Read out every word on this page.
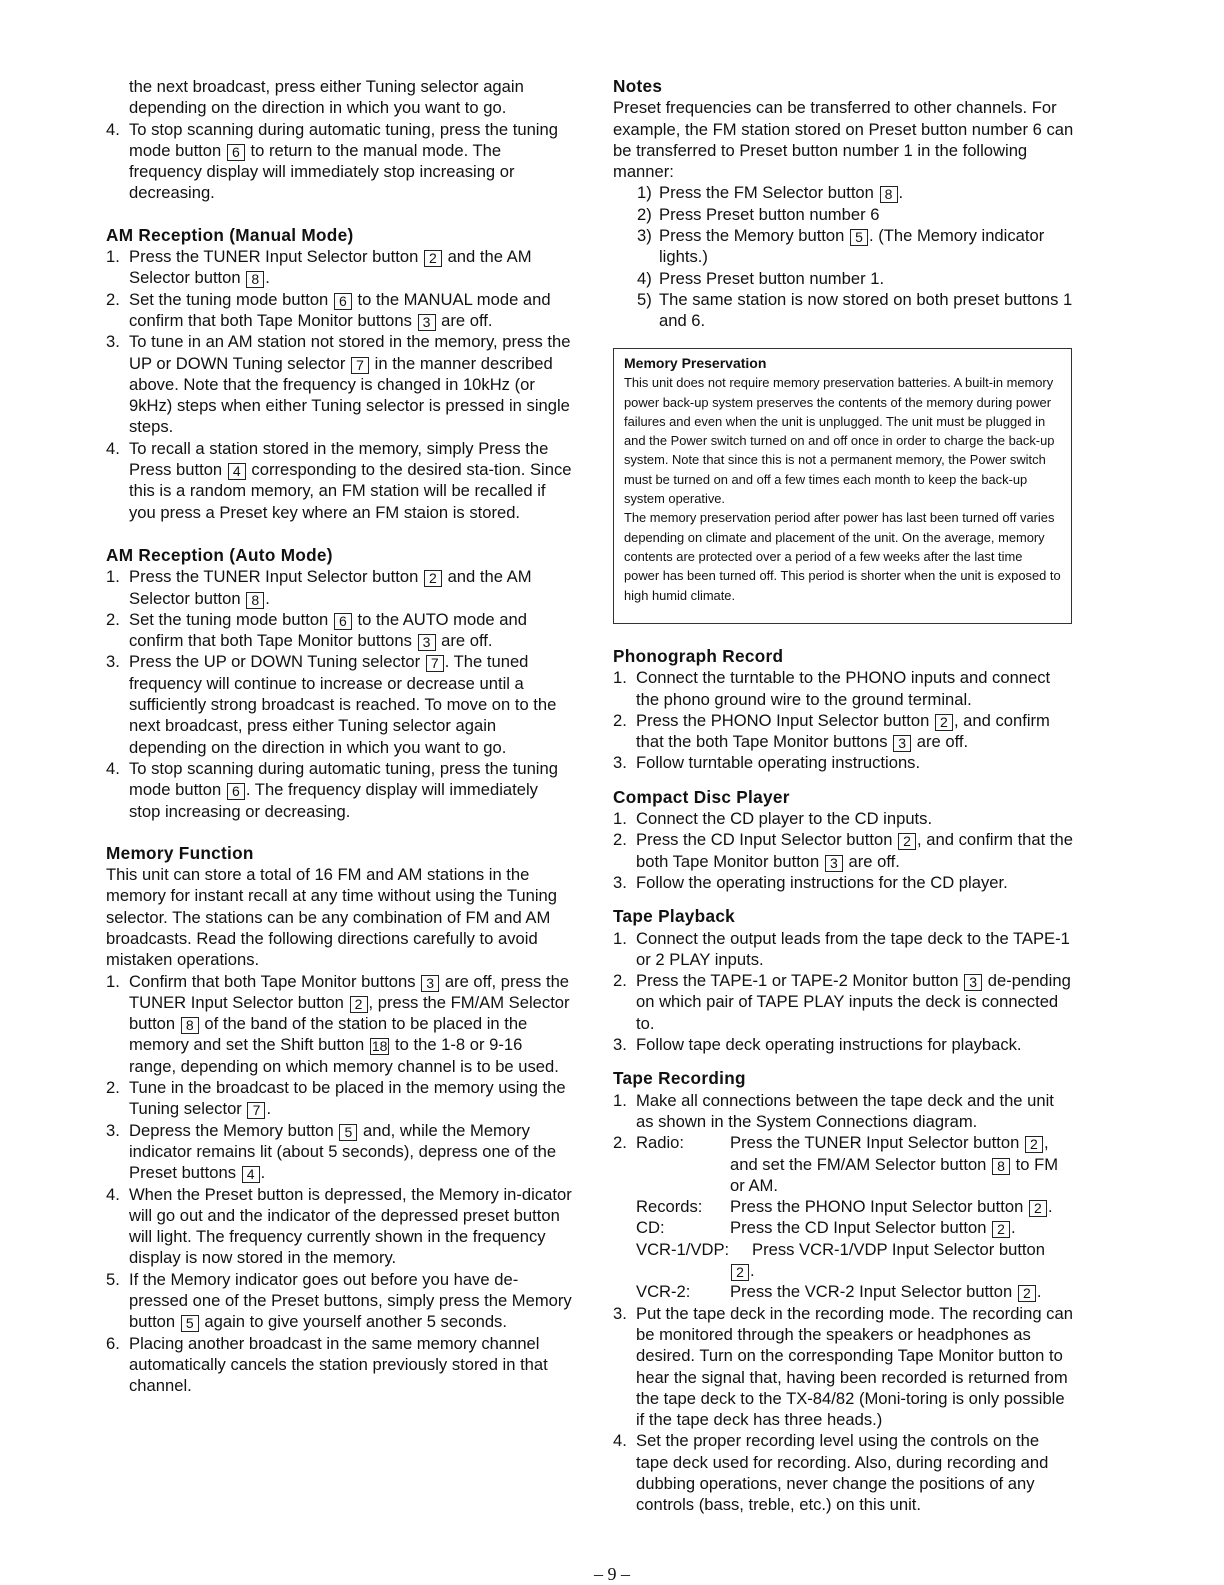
the next broadcast, press either Tuning selector again depending on the direction in which you want to go.
4. To stop scanning during automatic tuning, press the tuning mode button 6 to return to the manual mode. The frequency display will immediately stop increasing or decreasing.

AM Reception (Manual Mode)

1. Press the TUNER Input Selector button 2 and the AM Selector button 8 .
2. Set the tuning mode button 6 to the MANUAL mode and confirm that both Tape Monitor buttons 3 are off.
3. To tune in an AM station not stored in the memory, press the UP or DOWN Tuning selector 7 in the manner described above. Note that the frequency is changed in 10kHz (or 9kHz) steps when either Tuning selector is pressed in single steps.
4. To recall a station stored in the memory, simply Press the Press button 4 corresponding to the desired sta-tion. Since this is a random memory, an FM station will be recalled if you press a Preset key where an FM staion is stored.

AM Reception (Auto Mode)

1. Press the TUNER Input Selector button 2 and the AM Selector button 8 .
2. Set the tuning mode button 6 to the AUTO mode and confirm that both Tape Monitor buttons 3 are off.
3. Press the UP or DOWN Tuning selector 7 . The tuned frequency will continue to increase or decrease until a sufficiently strong broadcast is reached. To move on to the next broadcast, press either Tuning selector again depending on the direction in which you want to go.
4. To stop scanning during automatic tuning, press the tuning mode button 6 . The frequency display will immediately stop increasing or decreasing.

Memory Function

This unit can store a total of 16 FM and AM stations in the memory for instant recall at any time without using the Tuning selector. The stations can be any combination of FM and AM broadcasts. Read the following directions carefully to avoid mistaken operations.

1. Confirm that both Tape Monitor buttons 3 are off, press the TUNER Input Selector button 2 , press the FM/AM Selector button 8 of the band of the station to be placed in the memory and set the Shift button 18 to the 1-8 or 9-16 range, depending on which memory channel is to be used.
2. Tune in the broadcast to be placed in the memory using the Tuning selector 7 .
3. Depress the Memory button 5 and, while the Memory indicator remains lit (about 5 seconds), depress one of the Preset buttons 4 .
4. When the Preset button is depressed, the Memory in-dicator will go out and the indicator of the depressed preset button will light. The frequency currently shown in the frequency display is now stored in the memory.
5. If the Memory indicator goes out before you have de-pressed one of the Preset buttons, simply press the Memory button 5 again to give yourself another 5 seconds.
6. Placing another broadcast in the same memory channel automatically cancels the station previously stored in that channel.

Notes

Preset frequencies can be transferred to other channels. For example, the FM station stored on Preset button number 6 can be transferred to Preset button number 1 in the following manner:

1) Press the FM Selector button 8 .
2) Press Preset button number 6
3) Press the Memory button 5 . (The Memory indicator lights.)
4) Press Preset button number 1.
5) The same station is now stored on both preset buttons 1 and 6.

Memory Preservation

This unit does not require memory preservation batteries. A built-in memory power back-up system preserves the contents of the memory during power failures and even when the unit is unplugged. The unit must be plugged in and the Power switch turned on and off once in order to charge the back-up system. Note that since this is not a permanent memory, the Power switch must be turned on and off a few times each month to keep the back-up system operative.

The memory preservation period after power has last been turned off varies depending on climate and placement of the unit. On the average, memory contents are protected over a period of a few weeks after the last time power has been turned off. This period is shorter when the unit is exposed to high humid climate.

Phonograph Record

1. Connect the turntable to the PHONO inputs and connect the phono ground wire to the ground terminal.
2. Press the PHONO Input Selector button 2 , and confirm that the both Tape Monitor buttons 3 are off.
3. Follow turntable operating instructions.

Compact Disc Player

1. Connect the CD player to the CD inputs.
2. Press the CD Input Selector button 2 , and confirm that the both Tape Monitor button 3 are off.
3. Follow the operating instructions for the CD player.

Tape Playback

1. Connect the output leads from the tape deck to the TAPE-1 or 2 PLAY inputs.
2. Press the TAPE-1 or TAPE-2 Monitor button 3 de-pending on which pair of TAPE PLAY inputs the deck is connected to.
3. Follow tape deck operating instructions for playback.

Tape Recording

1. Make all connections between the tape deck and the unit as shown in the System Connections diagram.
2. Radio:	Press the TUNER Input Selector button 2 , and set the FM/AM Selector button 8 to FM or AM.
Records:	Press the PHONO Input Selector button 2 .
CD:	Press the CD Input Selector button 2 .
VCR-1/VDP:	Press VCR-1/VDP Input Selector button
2 .
VCR-2:	Press the VCR-2 Input Selector button 2 .
3. Put the tape deck in the recording mode. The recording can be monitored through the speakers or headphones as desired. Turn on the corresponding Tape Monitor button to hear the signal that, having been recorded is returned from the tape deck to the TX-84/82 (Moni-toring is only possible if the tape deck has three heads.)
4. Set the proper recording level using the controls on the tape deck used for recording. Also, during recording and dubbing operations, never change the positions of any controls (bass, treble, etc.) on this unit.
– 9 –
